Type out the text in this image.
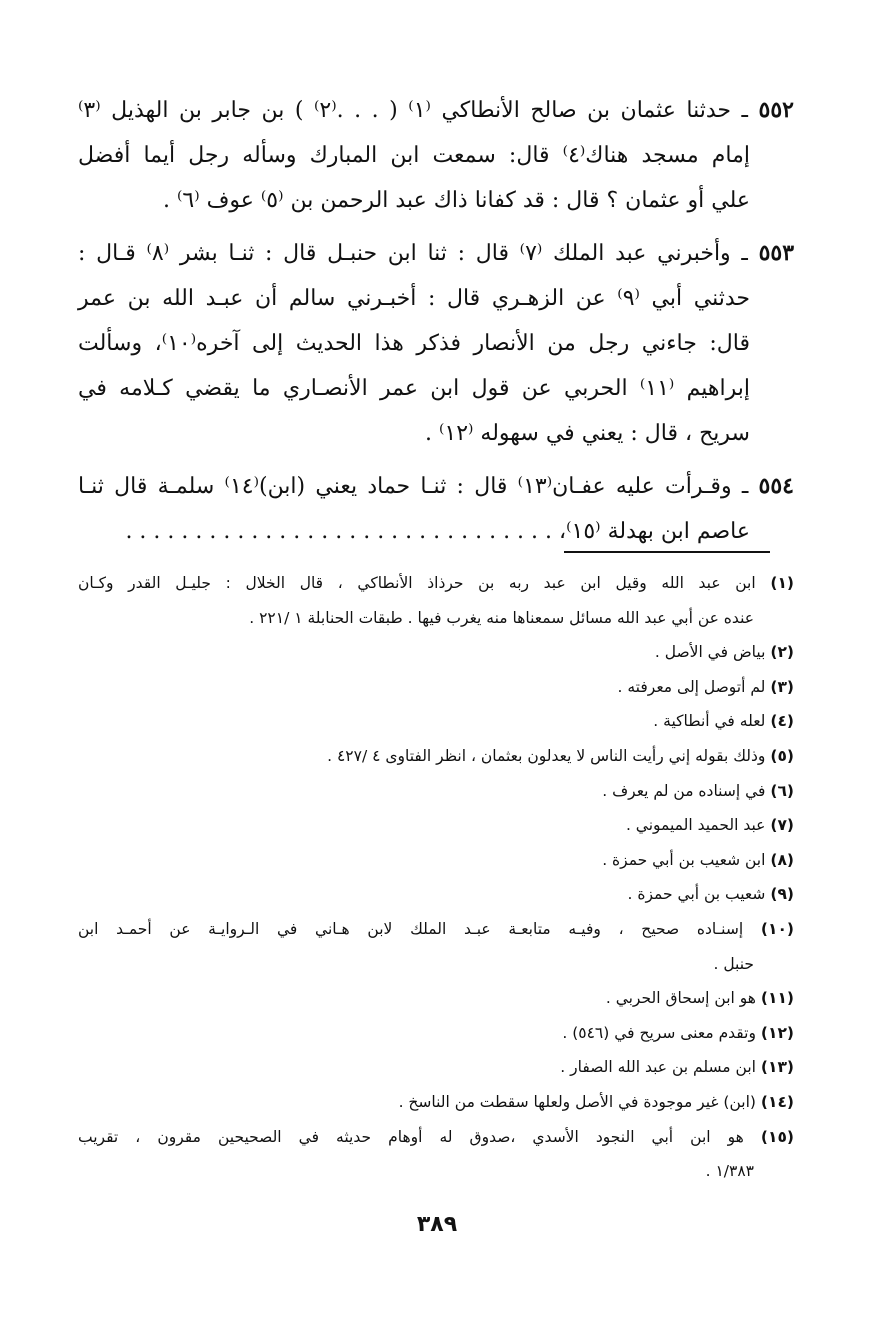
٥٥٢ ـ حدثنا عثمان بن صالح الأنطاكي ⁽١⁾ ( . . .⁽٢⁾ ) بن جابر بن الهذيل ⁽٣⁾
إمام مسجد هناك⁽٤⁾ قال: سمعت ابن المبارك وسأله رجل أيما أفضل
علي أو عثمان ؟ قال : قد كفانا ذاك عبد الرحمن بن ⁽٥⁾ عوف ⁽٦⁾ .
٥٥٣ ـ وأخبرني عبد الملك ⁽٧⁾ قال : ثنا ابن حنبـل قال : ثنـا بشر ⁽٨⁾ قـال :
حدثني أبي ⁽٩⁾ عن الزهـري قال : أخبـرني سالم أن عبـد الله بن عمر
قال: جاءني رجل من الأنصار فذكر هذا الحديث إلى آخره⁽١٠⁾، وسألت
إبراهيم ⁽١١⁾ الحربي عن قول ابن عمر الأنصـاري ما يقضي كـلامه في
سريح ، قال : يعني في سهوله ⁽١٢⁾ .
٥٥٤ ـ وقـرأت عليه عفـان⁽١٣⁾ قال : ثنـا حماد يعني (ابن)⁽١٤⁾ سلمـة قال ثنـا
عاصم ابن بهدلة ⁽١٥⁾، . . . . . . . . . . . . . . . . . . . . . . . . . . . . . . .
(١) ابن عبد الله وقيل ابن عبد ربه بن حرذاذ الأنطاكي ، قال الخلال : جليـل القدر وكـان
عنده عن أبي عبد الله مسائل سمعناها منه يغرب فيها . طبقات الحنابلة ١ /٢٢١ .
(٢) بياض في الأصل .
(٣) لم أتوصل إلى معرفته .
(٤) لعله في أنطاكية .
(٥) وذلك بقوله إني رأيت الناس لا يعدلون بعثمان ، انظر الفتاوى ٤ /٤٢٧ .
(٦) في إسناده من لم يعرف .
(٧) عبد الحميد الميموني .
(٨) ابن شعيب بن أبي حمزة .
(٩) شعيب بن أبي حمزة .
(١٠) إسنـاده صحيح ، وفيـه متابعـة عبـد الملك لابن هـاني في الـروايـة عن أحمـد ابن
حنبل .
(١١) هو ابن إسحاق الحربي .
(١٢) وتقدم معنى سريح في (٥٤٦) .
(١٣) ابن مسلم بن عبد الله الصفار .
(١٤) (ابن) غير موجودة في الأصل ولعلها سقطت من الناسخ .
(١٥) هو ابن أبي النجود الأسدي ،صدوق له أوهام حديثه في الصحيحين مقرون ، تقريب
١/٣٨٣ .
٣٨٩
